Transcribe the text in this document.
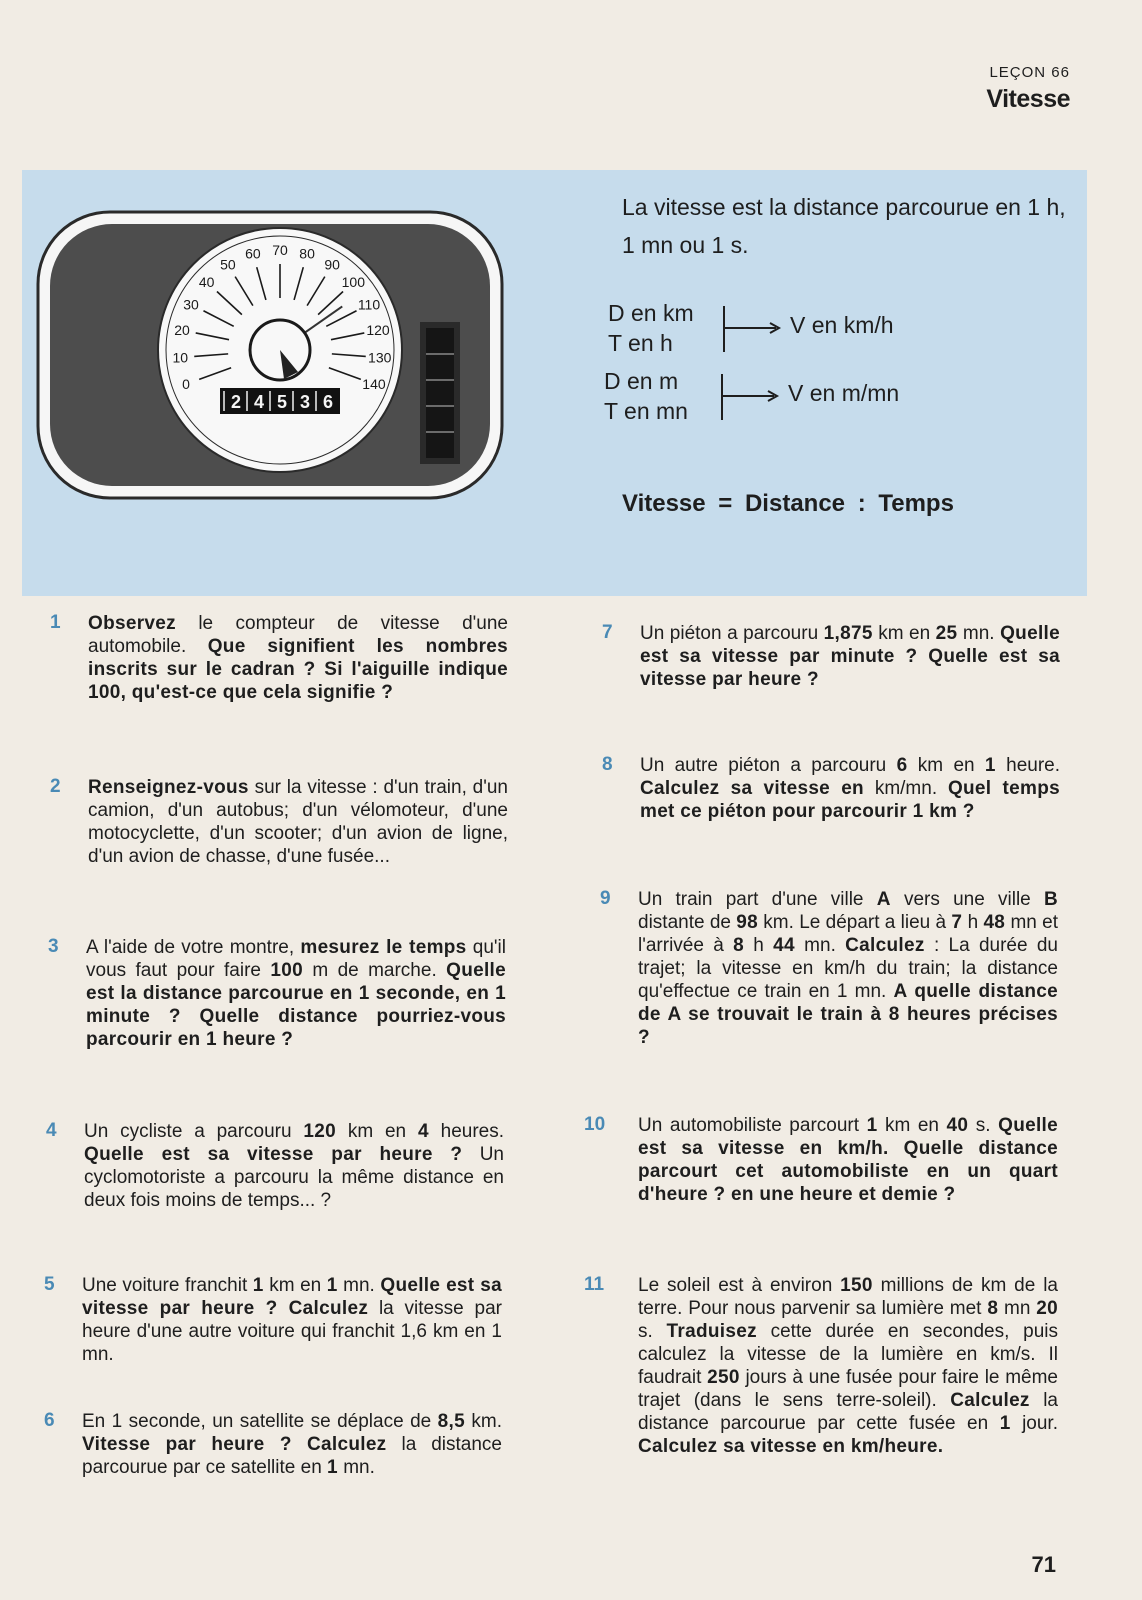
LEÇON 66
Vitesse
0
10
20
30
40
50
60 70 80
90
100
110
120
130
140
2 4 5 3 6

La vitesse est la distance parcourue en 1 h, 1 mn ou 1 s.

D en km
T en h
V en km/h
D en m
T en mn
V en m/mn
Vitesse = Distance : Temps
1 Observez le compteur de vitesse d'une automobile. Que signifient les nombres inscrits sur le cadran ? Si l'aiguille indique 100, qu'est-ce que cela signifie ?

2 Renseignez-vous sur la vitesse : d'un train, d'un camion, d'un autobus; d'un vélomoteur, d'une motocyclette, d'un scooter; d'un avion de ligne, d'un avion de chasse, d'une fusée...

3 A l'aide de votre montre, mesurez le temps qu'il vous faut pour faire 100 m de marche. Quelle est la distance parcourue en 1 seconde, en 1 minute ? Quelle distance pourriez-vous parcourir en 1 heure ?

4 Un cycliste a parcouru 120 km en 4 heures. Quelle est sa vitesse par heure ? Un cyclomotoriste a parcouru la même distance en deux fois moins de temps... ?

5 Une voiture franchit 1 km en 1 mn. Quelle est sa vitesse par heure ? Calculez la vitesse par heure d'une autre voiture qui franchit 1,6 km en 1 mn.

6 En 1 seconde, un satellite se déplace de 8,5 km. Vitesse par heure ? Calculez la distance parcourue par ce satellite en 1 mn.

7 Un piéton a parcouru 1,875 km en 25 mn. Quelle est sa vitesse par minute ? Quelle est sa vitesse par heure ?

8 Un autre piéton a parcouru 6 km en 1 heure. Calculez sa vitesse en km/mn. Quel temps met ce piéton pour parcourir 1 km ?

9 Un train part d'une ville A vers une ville B distante de 98 km. Le départ a lieu à 7 h 48 mn et l'arrivée à 8 h 44 mn. Calculez : La durée du trajet; la vitesse en km/h du train; la distance qu'effectue ce train en 1 mn. A quelle distance de A se trouvait le train à 8 heures précises ?

10 Un automobiliste parcourt 1 km en 40 s. Quelle est sa vitesse en km/h. Quelle distance parcourt cet automobiliste en un quart d'heure ? en une heure et demie ?

11 Le soleil est à environ 150 millions de km de la terre. Pour nous parvenir sa lumière met 8 mn 20 s. Traduisez cette durée en secondes, puis calculez la vitesse de la lumière en km/s. Il faudrait 250 jours à une fusée pour faire le même trajet (dans le sens terre-soleil). Calculez la distance parcourue par cette fusée en 1 jour. Calculez sa vitesse en km/heure.

71
